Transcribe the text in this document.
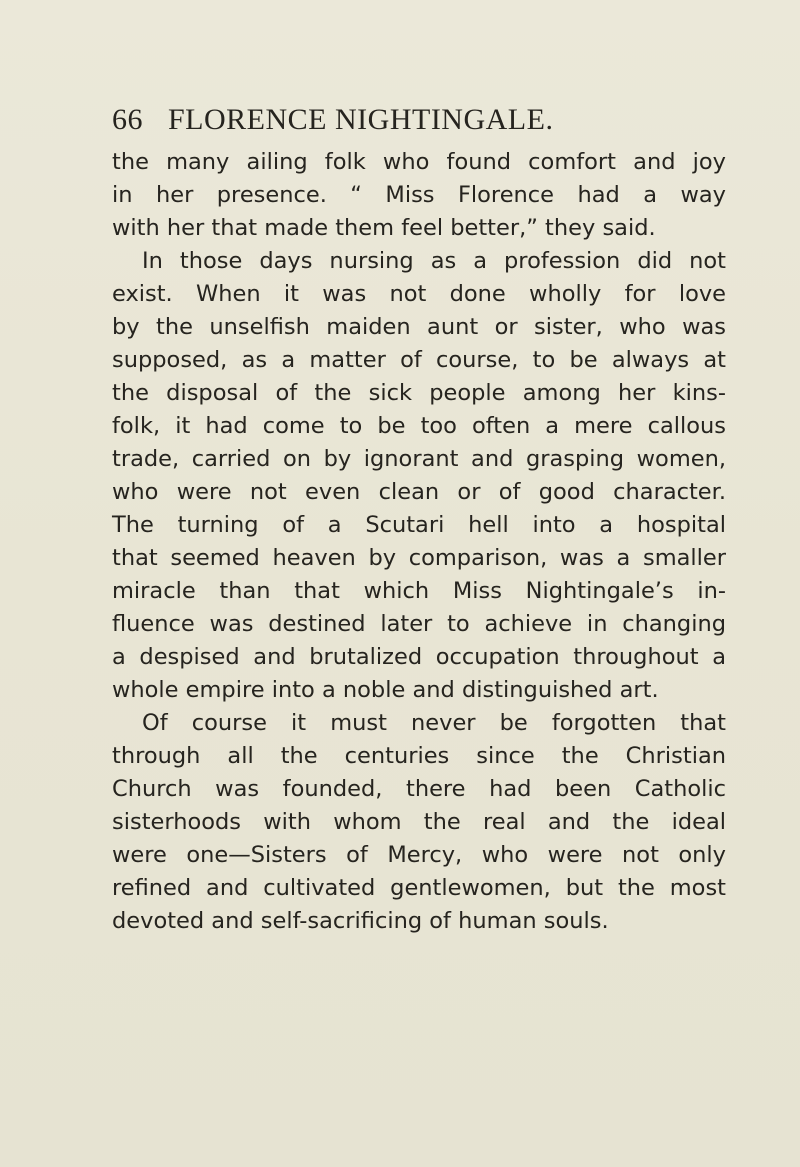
66 FLORENCE NIGHTINGALE.
the many ailing folk who found comfort and joy
in her presence. “ Miss Florence had a way
with her that made them feel better,” they said.
In those days nursing as a profession did not
exist. When it was not done wholly for love
by the unselfish maiden aunt or sister, who was
supposed, as a matter of course, to be always at
the disposal of the sick people among her kins-
folk, it had come to be too often a mere callous
trade, carried on by ignorant and grasping women,
who were not even clean or of good character.
The turning of a Scutari hell into a hospital
that seemed heaven by comparison, was a smaller
miracle than that which Miss Nightingale’s in-
fluence was destined later to achieve in changing
a despised and brutalized occupation throughout a
whole empire into a noble and distinguished art.
Of course it must never be forgotten that
through all the centuries since the Christian
Church was founded, there had been Catholic
sisterhoods with whom the real and the ideal
were one—Sisters of Mercy, who were not only
refined and cultivated gentlewomen, but the most
devoted and self-sacrificing of human souls.
